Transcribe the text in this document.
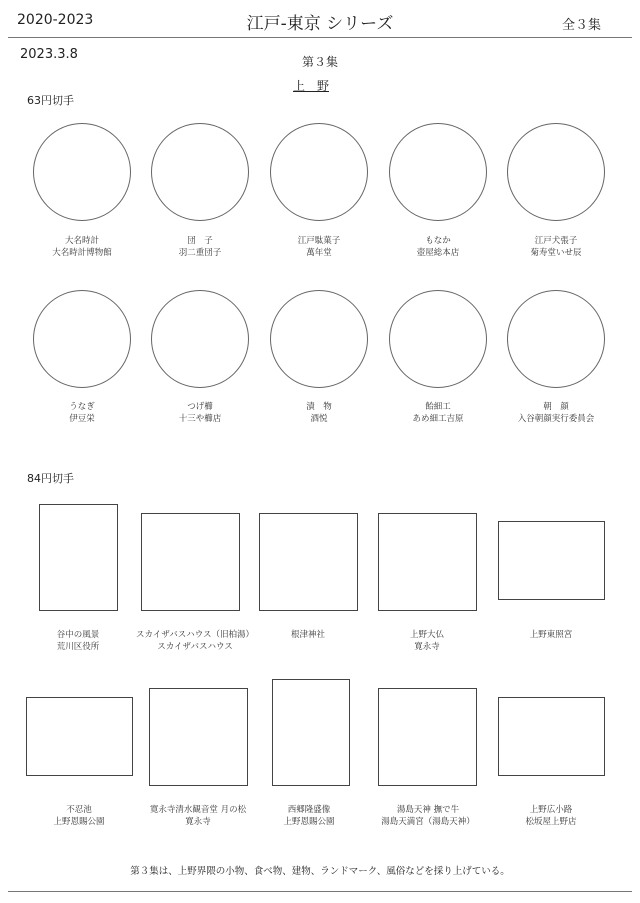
2020-2023	江戸-東京 シリーズ	全３集
2023.3.8	第３集
上　野
63円切手
大名時計
大名時計博物館
団　子
羽二重団子
江戸駄菓子
萬年堂
もなか
壺屋総本店
江戸犬張子
菊寿堂いせ辰
うなぎ
伊豆栄
つげ櫛
十三や櫛店
漬　物
酒悦
飴細工
あめ細工吉原
朝　顔
入谷朝顔実行委員会
84円切手
谷中の風景
荒川区役所
スカイザバスハウス（旧柏湯）
スカイザバスハウス
根津神社	上野大仏
寛永寺
上野東照宮
不忍池
上野恩賜公園
寛永寺清水観音堂 月の松
寛永寺
西郷隆盛像
上野恩賜公園
湯島天神 撫で牛
湯島天満宮（湯島天神）
上野広小路
松坂屋上野店
第３集は、上野界隈の小物、食べ物、建物、ランドマーク、風俗などを採り上げている。
